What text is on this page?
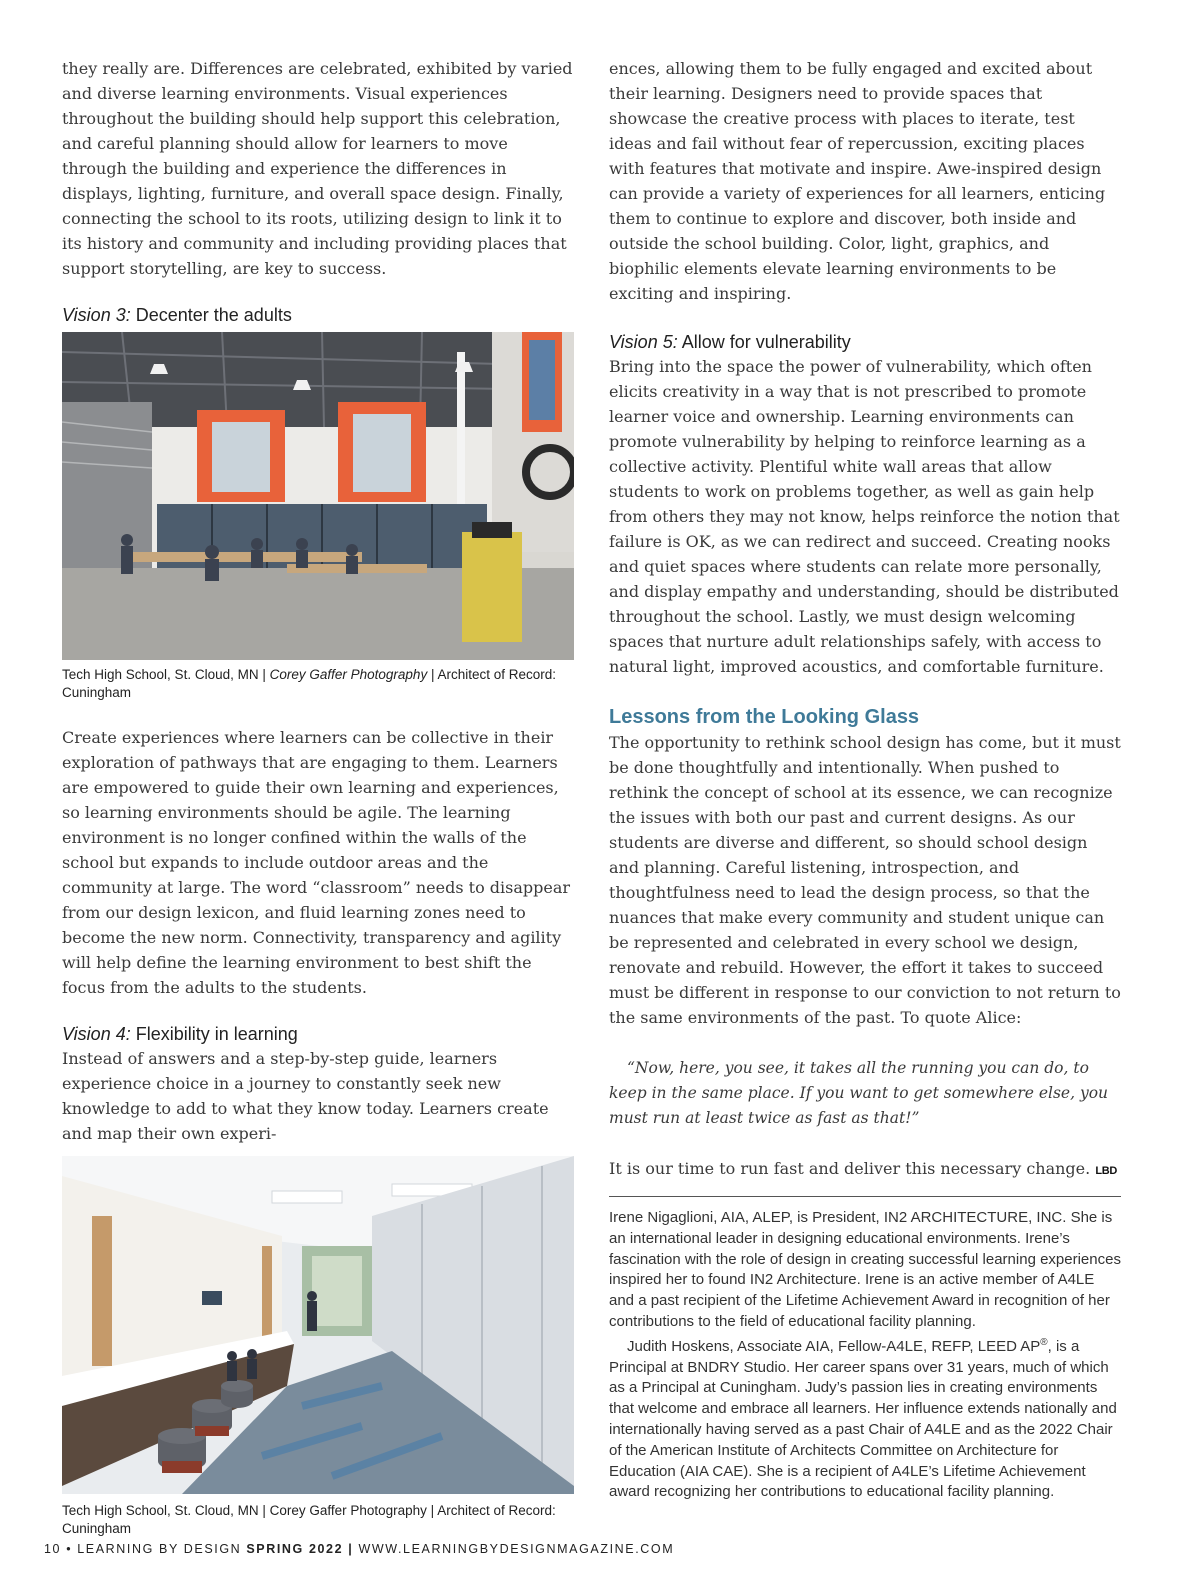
they really are. Differences are celebrated, exhibited by varied and diverse learning environments. Visual experiences throughout the building should help support this celebration, and careful planning should allow for learners to move through the building and experience the differences in displays, lighting, furniture, and overall space design. Finally, connecting the school to its roots, utilizing design to link it to its history and community and including providing places that support storytelling, are key to success.

Vision 3: Decenter the adults

Tech High School, St. Cloud, MN | Corey Gaffer Photography | Architect of Record: Cuningham

Create experiences where learners can be collective in their exploration of pathways that are engaging to them. Learners are empowered to guide their own learning and experiences, so learning environments should be agile. The learning environment is no longer confined within the walls of the school but expands to include outdoor areas and the community at large. The word “classroom” needs to disappear from our design lexicon, and fluid learning zones need to become the new norm. Connectivity, transparency and agility will help define the learning environment to best shift the focus from the adults to the students.

Vision 4: Flexibility in learning

Instead of answers and a step-by-step guide, learners experience choice in a journey to constantly seek new knowledge to add to what they know today. Learners create and map their own experi-

Tech High School, St. Cloud, MN | Corey Gaffer Photography | Architect of Record: Cuningham

ences, allowing them to be fully engaged and excited about their learning. Designers need to provide spaces that showcase the creative process with places to iterate, test ideas and fail without fear of repercussion, exciting places with features that motivate and inspire. Awe-inspired design can provide a variety of experiences for all learners, enticing them to continue to explore and discover, both inside and outside the school building. Color, light, graphics, and biophilic elements elevate learning environments to be exciting and inspiring.

Vision 5: Allow for vulnerability

Bring into the space the power of vulnerability, which often elicits creativity in a way that is not prescribed to promote learner voice and ownership. Learning environments can promote vulnerability by helping to reinforce learning as a collective activity. Plentiful white wall areas that allow students to work on problems together, as well as gain help from others they may not know, helps reinforce the notion that failure is OK, as we can redirect and succeed. Creating nooks and quiet spaces where students can relate more personally, and display empathy and understanding, should be distributed throughout the school. Lastly, we must design welcoming spaces that nurture adult relationships safely, with access to natural light, improved acoustics, and comfortable furniture.

Lessons from the Looking Glass

The opportunity to rethink school design has come, but it must be done thoughtfully and intentionally. When pushed to rethink the concept of school at its essence, we can recognize the issues with both our past and current designs. As our students are diverse and different, so should school design and planning. Careful listening, introspection, and thoughtfulness need to lead the design process, so that the nuances that make every community and student unique can be represented and celebrated in every school we design, renovate and rebuild. However, the effort it takes to succeed must be different in response to our conviction to not return to the same environments of the past. To quote Alice:

“Now, here, you see, it takes all the running you can do, to keep in the same place. If you want to get somewhere else, you must run at least twice as fast as that!”

It is our time to run fast and deliver this necessary change. LBD

Irene Nigaglioni, AIA, ALEP, is President, IN2 ARCHITECTURE, INC. She is an international leader in designing educational environments. Irene’s fascination with the role of design in creating successful learning experiences inspired her to found IN2 Architecture. Irene is an active member of A4LE and a past recipient of the Lifetime Achievement Award in recognition of her contributions to the field of educational facility planning.

Judith Hoskens, Associate AIA, Fellow-A4LE, REFP, LEED AP®, is a Principal at BNDRY Studio. Her career spans over 31 years, much of which as a Principal at Cuningham. Judy’s passion lies in creating environments that welcome and embrace all learners. Her influence extends nationally and internationally having served as a past Chair of A4LE and as the 2022 Chair of the American Institute of Architects Committee on Architecture for Education (AIA CAE). She is a recipient of A4LE’s Lifetime Achievement award recognizing her contributions to educational facility planning.

10 • LEARNING BY DESIGN SPRING 2022 | WWW.LEARNINGBYDESIGNMAGAZINE.COM
